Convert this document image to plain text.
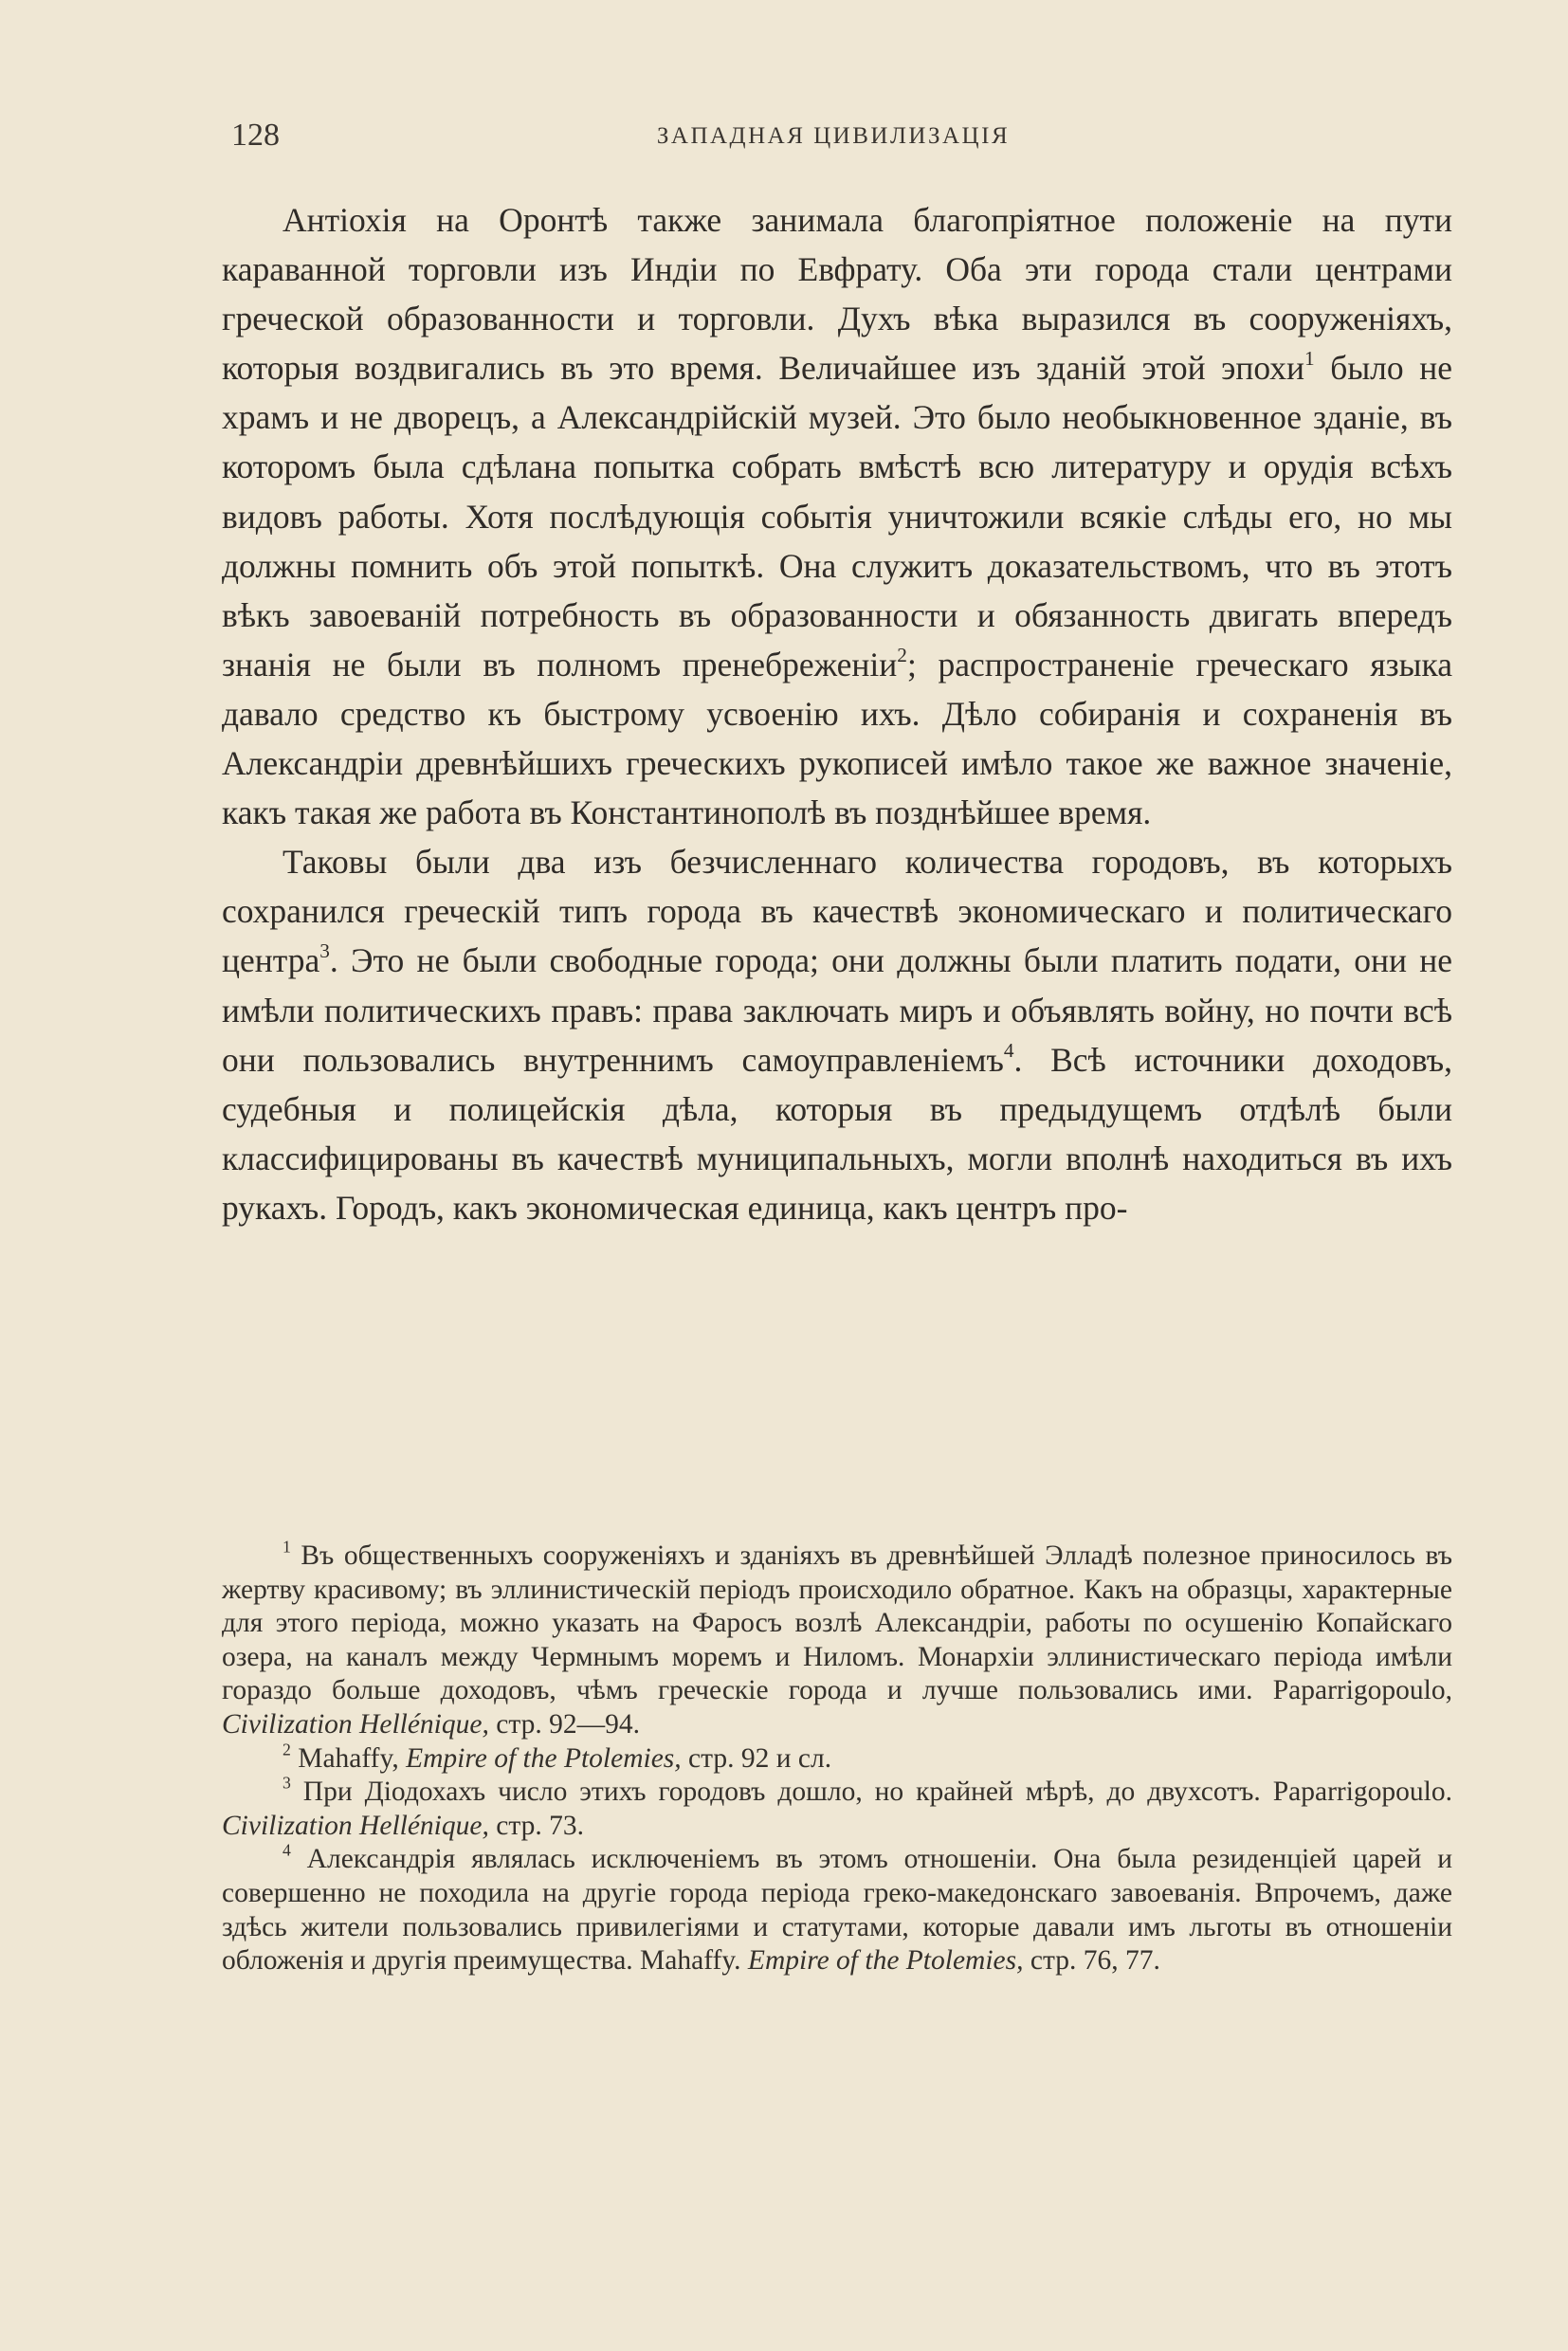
128	ЗАПАДНАЯ ЦИВИЛИЗАЦІЯ

Антіохія на Оронтѣ также занимала благопріятное положеніе на пути караванной торговли изъ Индіи по Евфрату. Оба эти города стали центрами греческой образованности и торговли. Духъ вѣка выразился въ сооруженіяхъ, которыя воздвигались въ это время. Величайшее изъ зданій этой эпохи$^1$ было не храмъ и не дворецъ, а Александрійскій музей. Это было необыкновенное зданіе, въ которомъ была сдѣлана попытка собрать вмѣстѣ всю литературу и орудія всѣхъ видовъ работы. Хотя послѣдующія событія уничтожили всякіе слѣды его, но мы должны помнить объ этой попыткѣ. Она служитъ доказательствомъ, что въ этотъ вѣкъ завоеваній потребность въ образованности и обязанность двигать впередъ знанія не были въ полномъ пренебреженіи$^2$; распространеніе греческаго языка давало средство къ быстрому усвоенію ихъ. Дѣло собиранія и сохраненія въ Александріи древнѣйшихъ греческихъ рукописей имѣло такое же важное значеніе, какъ такая же работа въ Константинополѣ въ позднѣйшее время.

Таковы были два изъ безчисленнаго количества городовъ, въ которыхъ сохранился греческій типъ города въ качествѣ экономическаго и политическаго центра$^3$. Это не были свободные города; они должны были платить подати, они не имѣли политическихъ правъ: права заключать миръ и объявлять войну, но почти всѣ они пользовались внутреннимъ самоуправленіемъ$^4$. Всѣ источники доходовъ, судебныя и полицейскія дѣла, которыя въ предыдущемъ отдѣлѣ были классифицированы въ качествѣ муниципальныхъ, могли вполнѣ находиться въ ихъ рукахъ. Городъ, какъ экономическая единица, какъ центръ про-

$^1$ Въ общественныхъ сооруженіяхъ и зданіяхъ въ древнѣйшей Элладѣ полезное приносилось въ жертву красивому; въ эллинистическій періодъ происходило обратное. Какъ на образцы, характерные для этого періода, можно указать на Фаросъ возлѣ Александріи, работы по осушенію Копайскаго озера, на каналъ между Чермнымъ моремъ и Ниломъ. Монархіи эллинистическаго періода имѣли гораздо больше доходовъ, чѣмъ греческіе города и лучше пользовались ими. Paparrigopoulo, Civilization Hellénique, стр. 92—94.

$^2$ Mahaffy, Empire of the Ptolemies, стр. 92 и сл.

$^3$ При Діодохахъ число этихъ городовъ дошло, но крайней мѣрѣ, до двухсотъ. Paparrigopoulo. Civilization Hellénique, стр. 73.

$^4$ Александрія являлась исключеніемъ въ этомъ отношеніи. Она была резиденціей царей и совершенно не походила на другіе города періода греко-македонскаго завоеванія. Впрочемъ, даже здѣсь жители пользовались привилегіями и статутами, которые давали имъ льготы въ отношеніи обложенія и другія преимущества. Mahaffy. Empire of the Ptolemies, стр. 76, 77.
